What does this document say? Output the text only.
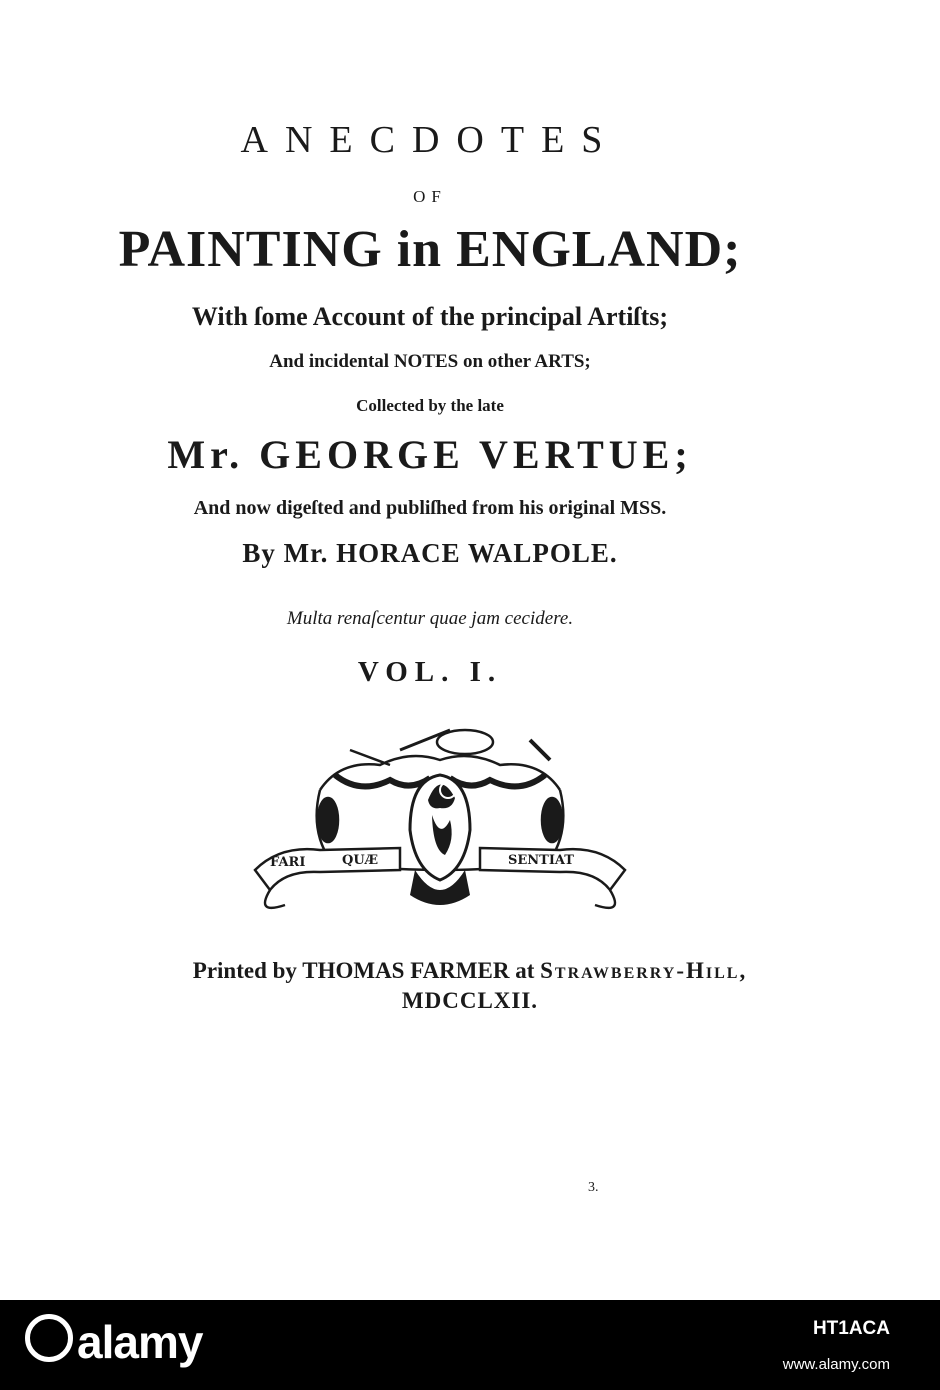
ANECDOTES
OF
PAINTING in ENGLAND;
With ſome Account of the principal Artiſts;
And incidental NOTES on other ARTS;
Collected by the late
Mr. GEORGE VERTUE;
And now digeſted and publiſhed from his original MSS.
By Mr. HORACE WALPOLE.
Multa renaſcentur quae jam cecidere.
VOL. I.
FARI	QUÆ	SENTIAT
Printed by THOMAS FARMER at Strawberry-Hill,
MDCCLXII.
3.
alamy	HT1ACA
www.alamy.com
